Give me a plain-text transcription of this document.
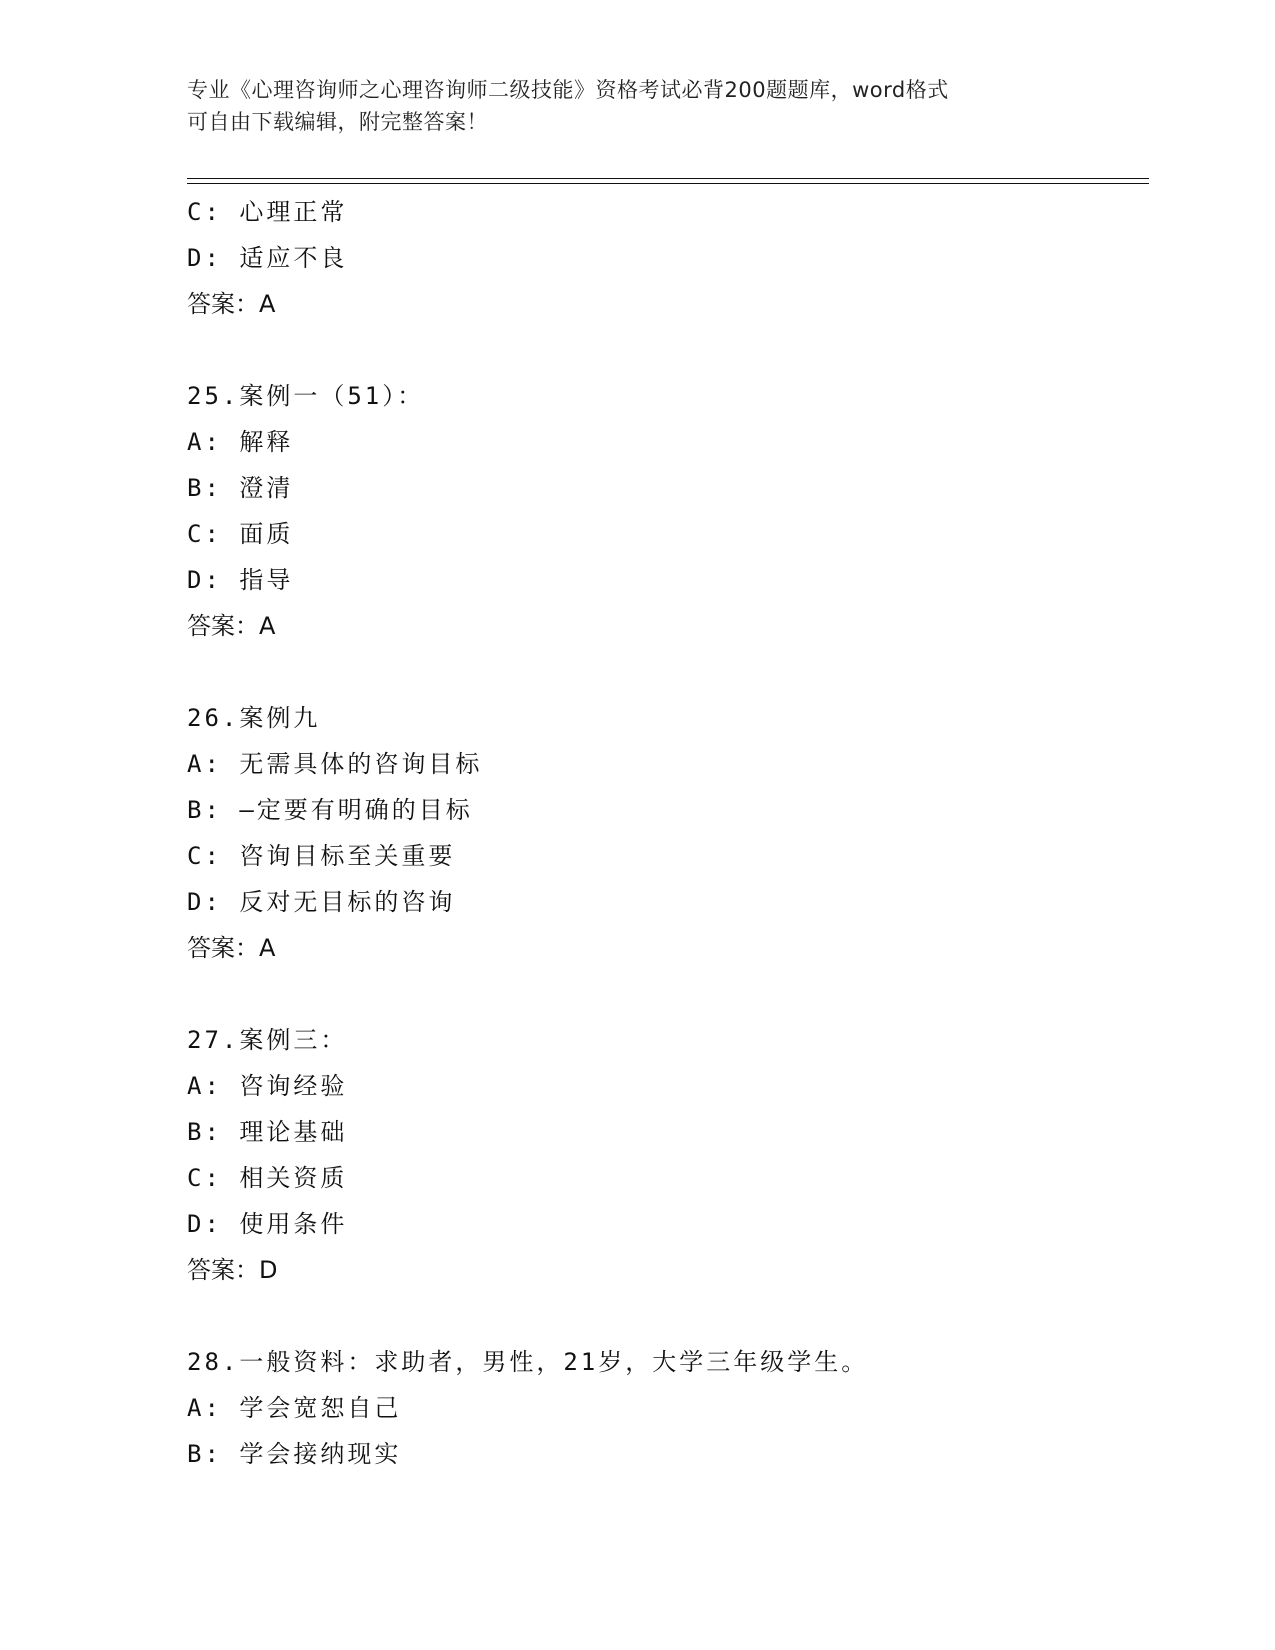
专业《心理咨询师之心理咨询师二级技能》资格考试必背200题题库，word格式
可自由下载编辑，附完整答案！
C: 心理正常
D: 适应不良
答案：A
25.案例一（51）：
A: 解释
B: 澄清
C: 面质
D: 指导
答案：A
26.案例九
A: 无需具体的咨询目标
B: —定要有明确的目标
C: 咨询目标至关重要
D: 反对无目标的咨询
答案：A
27.案例三：
A: 咨询经验
B: 理论基础
C: 相关资质
D: 使用条件
答案：D
28.一般资料：求助者，男性，21岁，大学三年级学生。
A: 学会宽恕自己
B: 学会接纳现实
